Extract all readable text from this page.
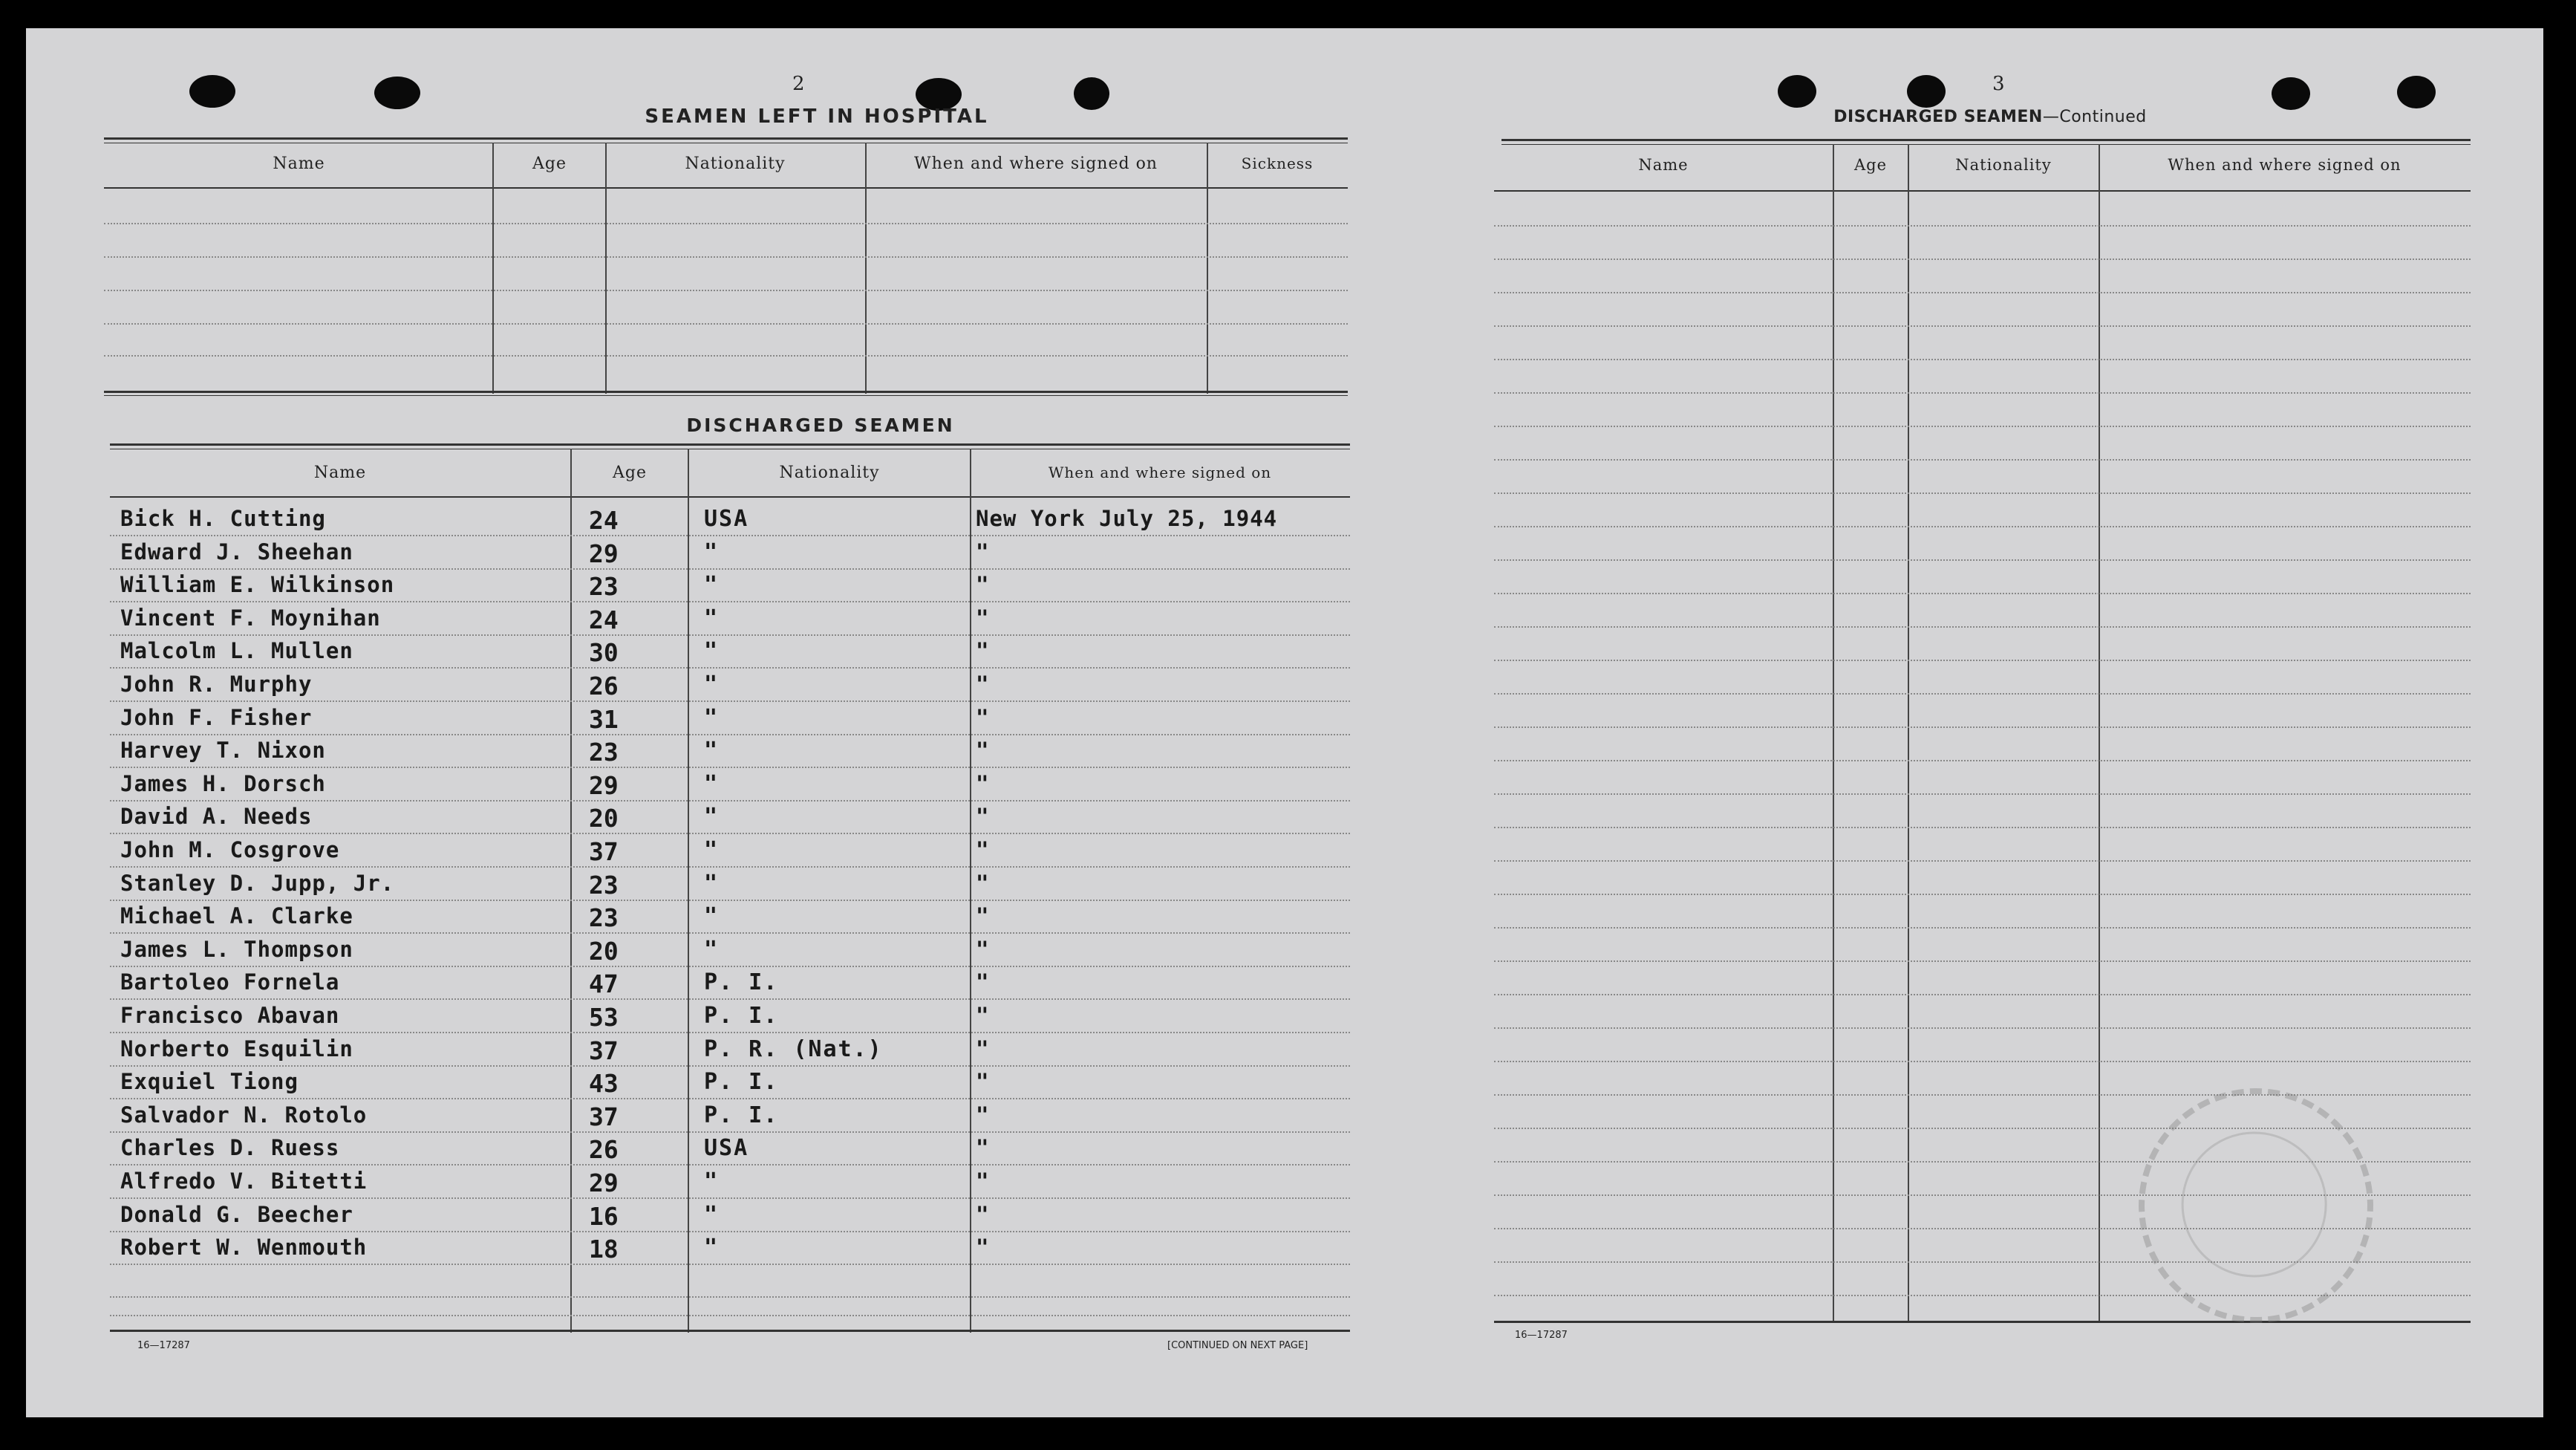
2
SEAMEN LEFT IN HOSPITAL
Name	Age	Nationality	When and where signed on	Sickness
DISCHARGED SEAMEN
Name	Age	Nationality	When and where signed on
Bick H. Cutting	24	USA	New York July 25, 1944
Edward J. Sheehan	29	"	"
William E. Wilkinson	23	"	"
Vincent F. Moynihan	24	"	"
Malcolm L. Mullen	30	"	"
John R. Murphy	26	"	"
John F. Fisher	31	"	"
Harvey T. Nixon	23	"	"
James H. Dorsch	29	"	"
David A. Needs	20	"	"
John M. Cosgrove	37	"	"
Stanley D. Jupp, Jr.	23	"	"
Michael A. Clarke	23	"	"
James L. Thompson	20	"	"
Bartoleo Fornela	47	P. I.	"
Francisco Abavan	53	P. I.	"
Norberto Esquilin	37	P. R. (Nat.)	"
Exquiel Tiong	43	P. I.	"
Salvador N. Rotolo	37	P. I.	"
Charles D. Ruess	26	USA	"
Alfredo V. Bitetti	29	"	"
Donald G. Beecher	16	"	"
Robert W. Wenmouth	18	"	"
16—17287	[CONTINUED ON NEXT PAGE]
3
DISCHARGED SEAMEN—Continued
Name	Age	Nationality	When and where signed on
16—17287
